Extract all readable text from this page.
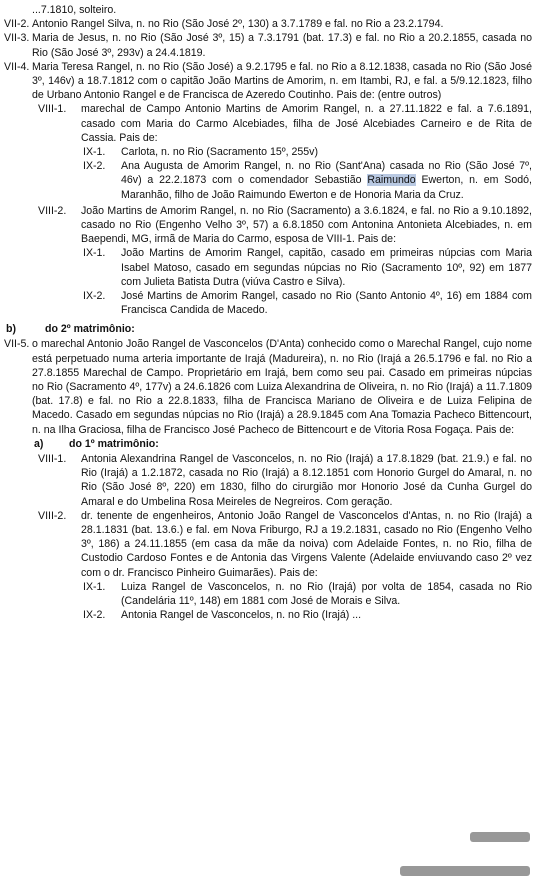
...7.1810, solteiro.
VII-2. Antonio Rangel Silva, n. no Rio (São José 2º, 130) a 3.7.1789 e fal. no Rio a 23.2.1794.
VII-3. Maria de Jesus, n. no Rio (São José 3º, 15) a 7.3.1791 (bat. 17.3) e fal. no Rio a 20.2.1855, casada no Rio (São José 3º, 293v) a 24.4.1819.
VII-4. Maria Teresa Rangel, n. no Rio (São José) a 9.2.1795 e fal. no Rio a 8.12.1838, casada no Rio (São José 3º, 146v) a 18.7.1812 com o capitão João Martins de Amorim, n. em Itambi, RJ, e fal. a 5/9.12.1823, filho de Urbano Antonio Rangel e de Francisca de Azeredo Coutinho. Pais de: (entre outros)
VIII-1. marechal de Campo Antonio Martins de Amorim Rangel, n. a 27.11.1822 e fal. a 7.6.1891, casado com Maria do Carmo Alcebiades, filha de José Alcebiades Carneiro e de Rita de Cassia. Pais de:
IX-1. Carlota, n. no Rio (Sacramento 15º, 255v)
IX-2. Ana Augusta de Amorim Rangel, n. no Rio (Sant'Ana) casada no Rio (São José 7º, 46v) a 22.2.1873 com o comendador Sebastião Raimundo Ewerton, n. em Sodó, Maranhão, filho de João Raimundo Ewerton e de Honoria Maria da Cruz.
VIII-2. João Martins de Amorim Rangel, n. no Rio (Sacramento) a 3.6.1824, e fal. no Rio a 9.10.1892, casado no Rio (Engenho Velho 3º, 57) a 6.8.1850 com Antonina Antonieta Alcebiades, n. em Baependi, MG, irmã de Maria do Carmo, esposa de VIII-1. Pais de:
IX-1. João Martins de Amorim Rangel, capitão, casado em primeiras núpcias com Maria Isabel Matoso, casado em segundas núpcias no Rio (Sacramento 10º, 92) em 1877 com Julieta Batista Dutra (viúva Castro e Silva).
IX-2. José Martins de Amorim Rangel, casado no Rio (Santo Antonio 4º, 16) em 1884 com Francisca Candida de Macedo.
b)	do 2º matrimônio:
VII-5. o marechal Antonio João Rangel de Vasconcelos (D'Anta) conhecido como o Marechal Rangel, cujo nome está perpetuado numa arteria importante de Irajá (Madureira), n. no Rio (Irajá a 26.5.1796 e fal. no Rio a 27.8.1855 Marechal de Campo. Proprietário em Irajá, bem como seu pai. Casado em primeiras núpcias no Rio (Sacramento 4º, 177v) a 24.6.1826 com Luiza Alexandrina de Oliveira, n. no Rio (Irajá) a 11.7.1809 (bat. 17.8) e fal. no Rio a 22.8.1833, filha de Francisca Mariano de Oliveira e de Luiza Felipina de Macedo. Casado em segundas núpcias no Rio (Irajá) a 28.9.1845 com Ana Tomazia Pacheco Bittencourt, n. na Ilha Graciosa, filha de Francisco José Pacheco de Bittencourt e de Vitoria Rosa Fogaça. Pais de:
a) do 1º matrimônio:
VIII-1. Antonia Alexandrina Rangel de Vasconcelos, n. no Rio (Irajá) a 17.8.1829 (bat. 21.9.) e fal. no Rio (Irajá) a 1.2.1872, casada no Rio (Irajá) a 8.12.1851 com Honorio Gurgel do Amaral, n. no Rio (São José 8º, 220) em 1830, filho do cirurgião mor Honorio José da Cunha Gurgel do Amaral e do Umbelina Rosa Meireles de Negreiros. Com geração.
VIII-2. dr. tenente de engenheiros, Antonio João Rangel de Vasconcelos d'Antas, n. no Rio (Irajá) a 28.1.1831 (bat. 13.6.) e fal. em Nova Friburgo, RJ a 19.2.1831, casado no Rio (Engenho Velho 3º, 186) a 24.11.1855 (em casa da mãe da noiva) com Adelaide Fontes, n. no Rio, filha de Custodio Cardoso Fontes e de Antonia das Virgens Valente (Adelaide enviuvando caso 2º vez com o dr. Francisco Pinheiro Guimarães). Pais de:
IX-1. Luiza Rangel de Vasconcelos, n. no Rio (Irajá) por volta de 1854, casada no Rio (Candelária 11º, 148) em 1881 com José de Morais e Silva.
IX-2. Antonia Rangel de Vasconcelos, n. no Rio (Irajá) ...
